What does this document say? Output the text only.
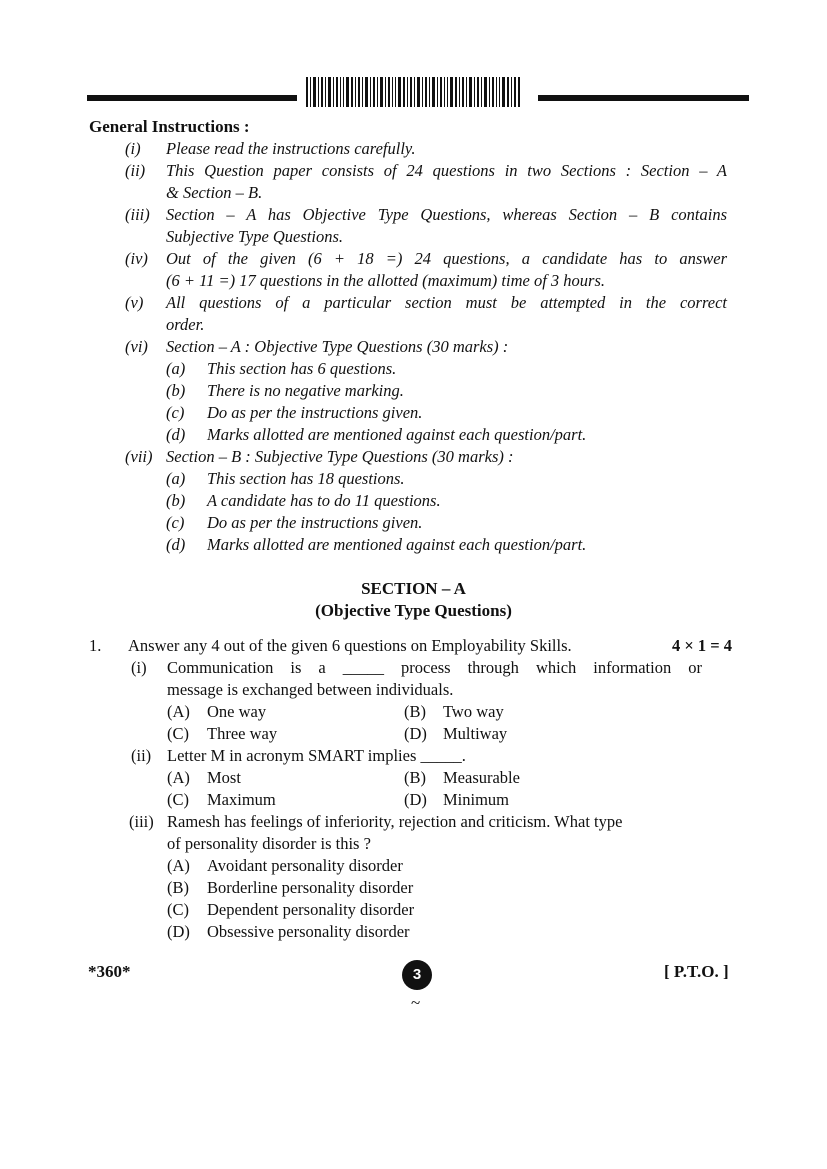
General Instructions :
(i) Please read the instructions carefully.
(ii) This Question paper consists of 24 questions in two Sections : Section – A
& Section – B.
(iii) Section – A has Objective Type Questions, whereas Section – B contains
Subjective Type Questions.
(iv) Out of the given (6 + 18 =) 24 questions, a candidate has to answer
(6 + 11 =) 17 questions in the allotted (maximum) time of 3 hours.
(v) All questions of a particular section must be attempted in the correct
order.
(vi) Section – A : Objective Type Questions (30 marks) :
(a) This section has 6 questions.
(b) There is no negative marking.
(c) Do as per the instructions given.
(d) Marks allotted are mentioned against each question/part.
(vii) Section – B : Subjective Type Questions (30 marks) :
(a) This section has 18 questions.
(b) A candidate has to do 11 questions.
(c) Do as per the instructions given.
(d) Marks allotted are mentioned against each question/part.
SECTION – A
(Objective Type Questions)
1. Answer any 4 out of the given 6 questions on Employability Skills.	4 × 1 = 4
(i) Communication is a _____ process through which information or
message is exchanged between individuals.
(A) One way	(B) Two way
(C) Three way	(D) Multiway
(ii) Letter M in acronym SMART implies _____.
(A) Most	(B) Measurable
(C) Maximum	(D) Minimum
(iii) Ramesh has feelings of inferiority, rejection and criticism. What type
of personality disorder is this ?
(A) Avoidant personality disorder
(B) Borderline personality disorder
(C) Dependent personality disorder
(D) Obsessive personality disorder
*360*	3
~
[ P.T.O. ]
